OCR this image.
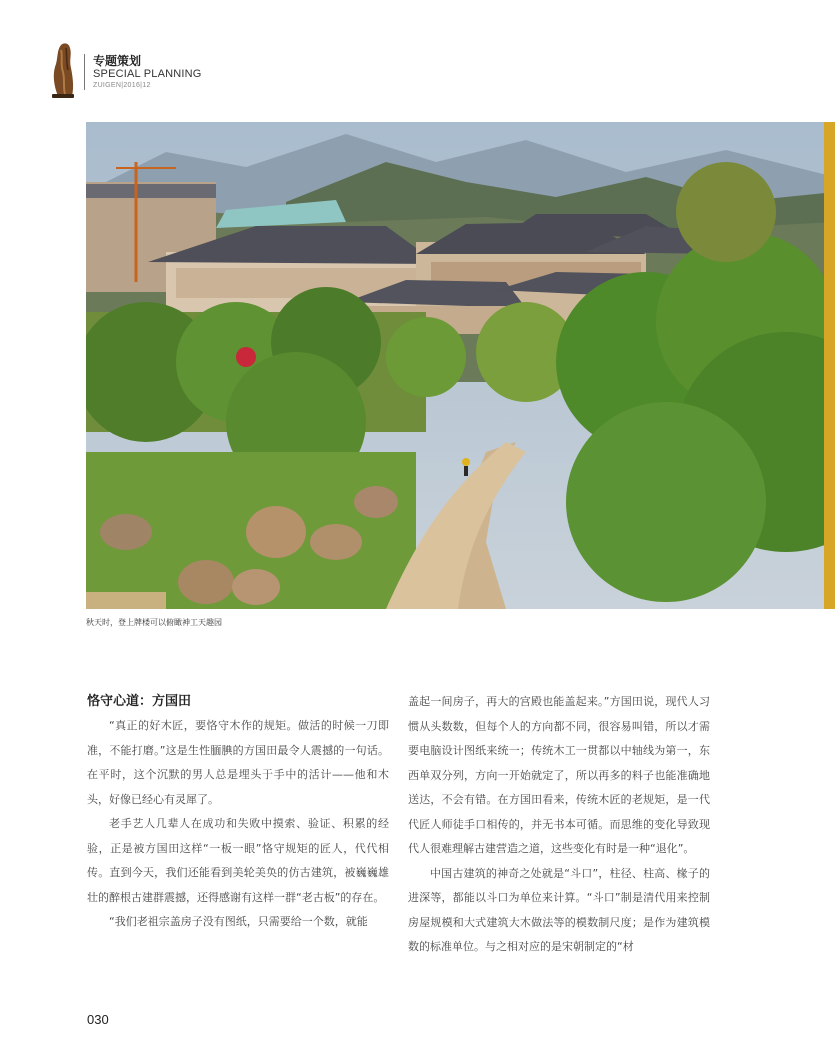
专题策划
SPECIAL PLANNING
ZUIGEN|2016|12
秋天时，登上牌楼可以俯瞰神工天趣园

恪守心道：方国田

“真正的好木匠，要恪守木作的规矩。做活的时候一刀即准，不能打磨。”这是生性腼腆的方国田最令人震撼的一句话。在平时，这个沉默的男人总是埋头于手中的活计——他和木头，好像已经心有灵犀了。

老手艺人几辈人在成功和失败中摸索、验证、积累的经验，正是被方国田这样“一板一眼”恪守规矩的匠人，代代相传。直到今天，我们还能看到美轮美奂的仿古建筑，被巍巍雄壮的醉根古建群震撼，还得感谢有这样一群“老古板”的存在。

“我们老祖宗盖房子没有图纸，只需要给一个数，就能

盖起一间房子，再大的宫殿也能盖起来。”方国田说，现代人习惯从头数数，但每个人的方向都不同，很容易叫错，所以才需要电脑设计图纸来统一；传统木工一贯都以中轴线为第一，东西单双分列，方向一开始就定了，所以再多的料子也能准确地送达，不会有错。在方国田看来，传统木匠的老规矩，是一代代匠人师徒手口相传的，并无书本可循。而思维的变化导致现代人很难理解古建营造之道，这些变化有时是一种“退化”。

中国古建筑的神奇之处就是“斗口”，柱径、柱高、椽子的进深等，都能以斗口为单位来计算。“斗口”制是清代用来控制房屋规模和大式建筑大木做法等的模数制尺度；是作为建筑模数的标准单位。与之相对应的是宋朝制定的“材

030
